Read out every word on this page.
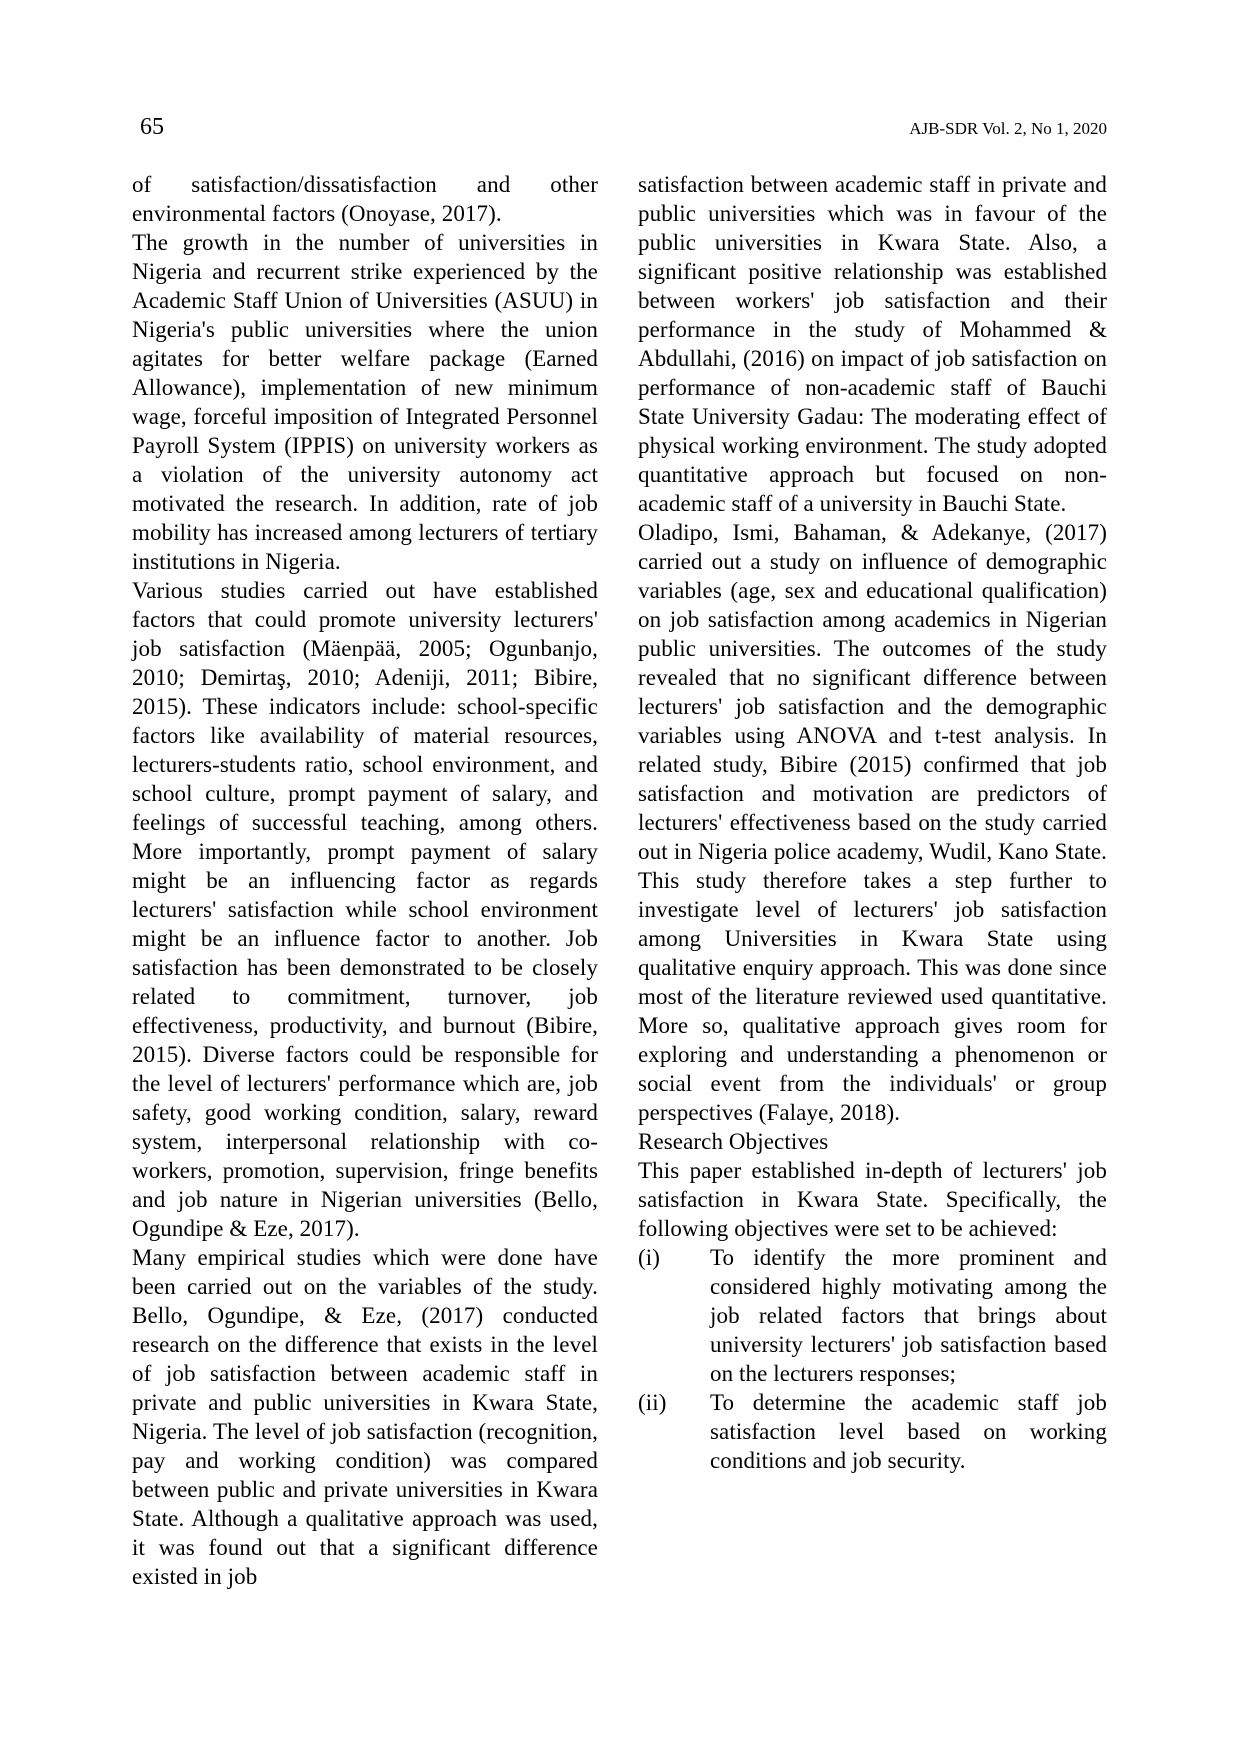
65	AJB-SDR Vol. 2, No 1, 2020

of satisfaction/dissatisfaction and other environmental factors (Onoyase, 2017).

The growth in the number of universities in Nigeria and recurrent strike experienced by the Academic Staff Union of Universities (ASUU) in Nigeria's public universities where the union agitates for better welfare package (Earned Allowance), implementation of new minimum wage, forceful imposition of Integrated Personnel Payroll System (IPPIS) on university workers as a violation of the university autonomy act motivated the research. In addition, rate of job mobility has increased among lecturers of tertiary institutions in Nigeria.

Various studies carried out have established factors that could promote university lecturers' job satisfaction (Mäenpää, 2005; Ogunbanjo, 2010; Demirtaş, 2010; Adeniji, 2011; Bibire, 2015). These indicators include: school-specific factors like availability of material resources, lecturers-students ratio, school environment, and school culture, prompt payment of salary, and feelings of successful teaching, among others. More importantly, prompt payment of salary might be an influencing factor as regards lecturers' satisfaction while school environment might be an influence factor to another. Job satisfaction has been demonstrated to be closely related to commitment, turnover, job effectiveness, productivity, and burnout (Bibire, 2015). Diverse factors could be responsible for the level of lecturers' performance which are, job safety, good working condition, salary, reward system, interpersonal relationship with co-workers, promotion, supervision, fringe benefits and job nature in Nigerian universities (Bello, Ogundipe & Eze, 2017).

Many empirical studies which were done have been carried out on the variables of the study. Bello, Ogundipe, & Eze, (2017) conducted research on the difference that exists in the level of job satisfaction between academic staff in private and public universities in Kwara State, Nigeria. The level of job satisfaction (recognition, pay and working condition) was compared between public and private universities in Kwara State. Although a qualitative approach was used, it was found out that a significant difference existed in job

satisfaction between academic staff in private and public universities which was in favour of the public universities in Kwara State. Also, a significant positive relationship was established between workers' job satisfaction and their performance in the study of Mohammed & Abdullahi, (2016) on impact of job satisfaction on performance of non-academic staff of Bauchi State University Gadau: The moderating effect of physical working environment. The study adopted quantitative approach but focused on non-academic staff of a university in Bauchi State.

Oladipo, Ismi, Bahaman, & Adekanye, (2017) carried out a study on influence of demographic variables (age, sex and educational qualification) on job satisfaction among academics in Nigerian public universities. The outcomes of the study revealed that no significant difference between lecturers' job satisfaction and the demographic variables using ANOVA and t-test analysis. In related study, Bibire (2015) confirmed that job satisfaction and motivation are predictors of lecturers' effectiveness based on the study carried out in Nigeria police academy, Wudil, Kano State. This study therefore takes a step further to investigate level of lecturers' job satisfaction among Universities in Kwara State using qualitative enquiry approach. This was done since most of the literature reviewed used quantitative. More so, qualitative approach gives room for exploring and understanding a phenomenon or social event from the individuals' or group perspectives (Falaye, 2018).

Research Objectives

This paper established in-depth of lecturers' job satisfaction in Kwara State. Specifically, the following objectives were set to be achieved:

(i)	To identify the more prominent and considered highly motivating among the job related factors that brings about university lecturers' job satisfaction based on the lecturers responses;
(ii)	To determine the academic staff job satisfaction level based on working conditions and job security.
